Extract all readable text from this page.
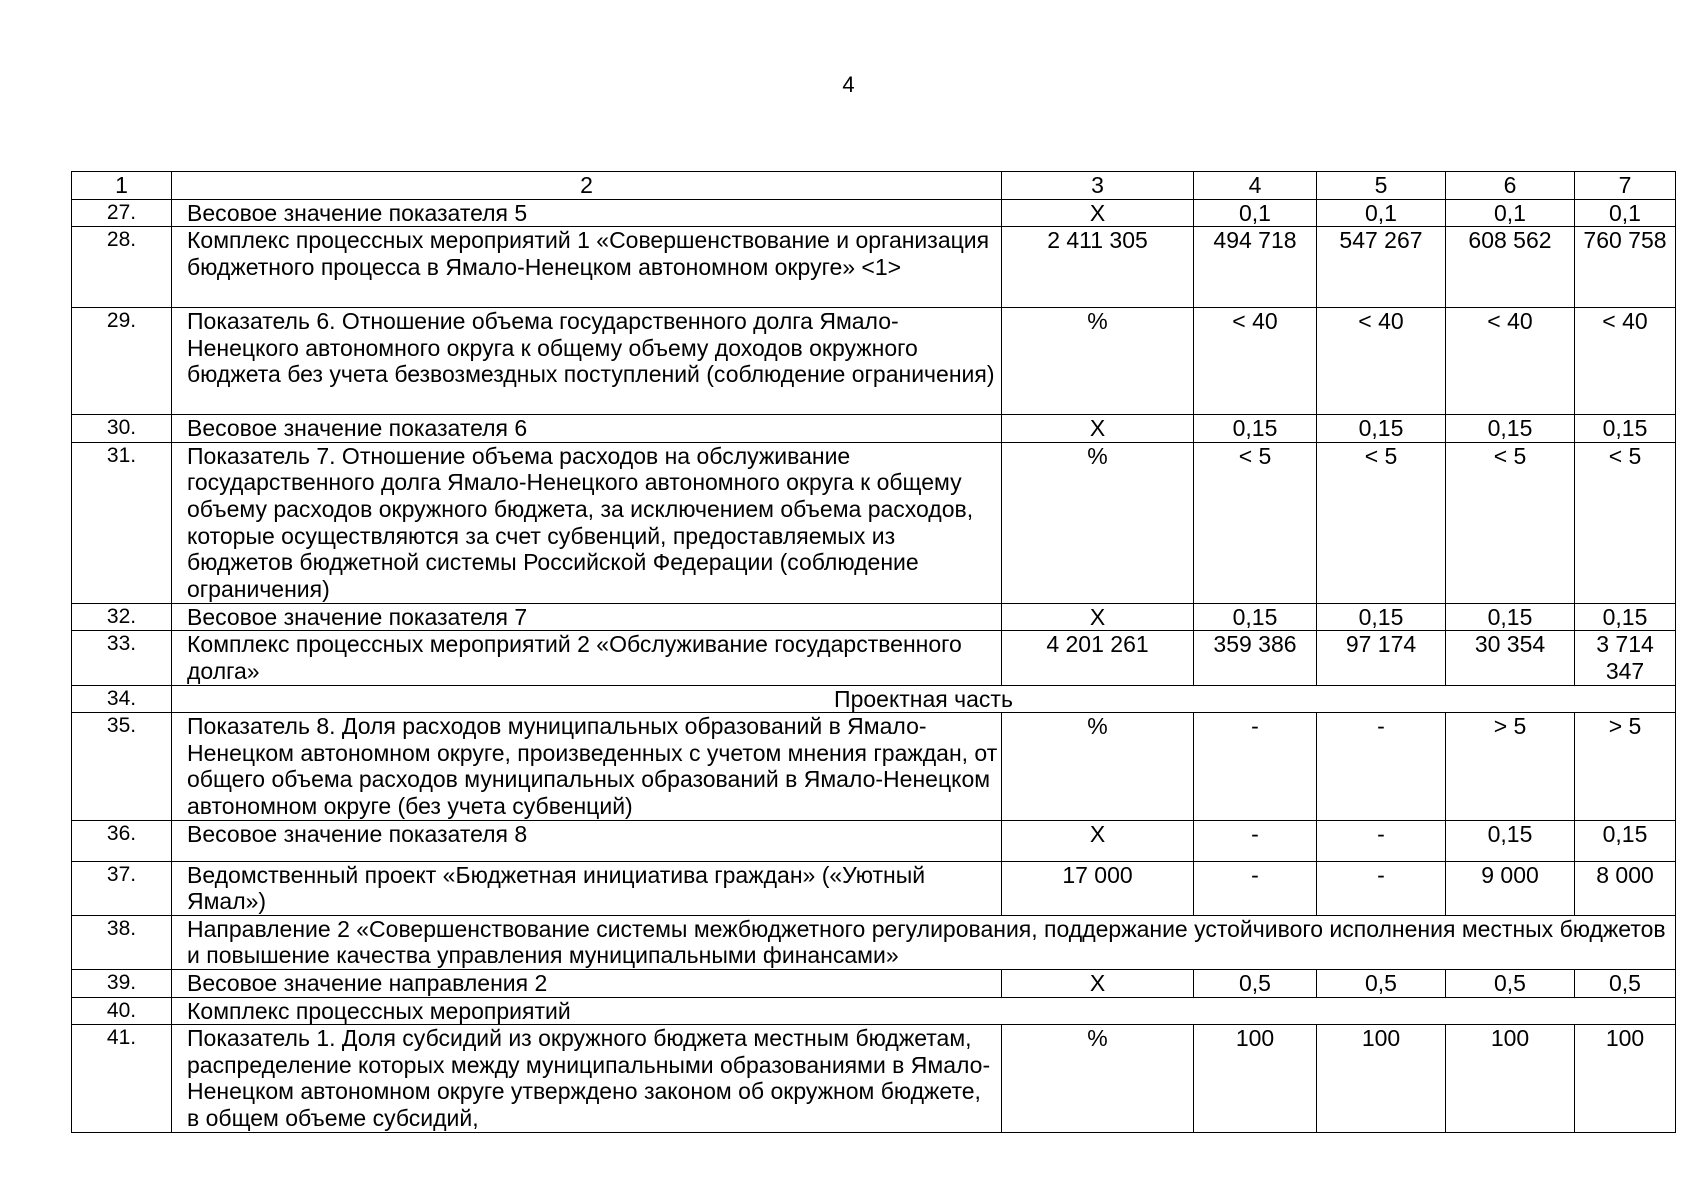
4
1	2	3	4	5	6	7
27.	Весовое значение показателя 5	X	0,1	0,1	0,1	0,1
28.	Комплекс процессных мероприятий 1 «Совершенствование и организация бюджетного процесса в Ямало-Ненецком автономном округе» <1>	2 411 305	494 718	547 267	608 562	760 758
29.	Показатель 6. Отношение объема государственного долга Ямало-Ненецкого автономного округа к общему объему доходов окружного бюджета без учета безвозмездных поступлений (соблюдение ограничения)	%	< 40	< 40	< 40	< 40
30.	Весовое значение показателя 6	X	0,15	0,15	0,15	0,15
31.	Показатель 7. Отношение объема расходов на обслуживание государственного долга Ямало-Ненецкого автономного округа к общему объему расходов окружного бюджета, за исключением объема расходов, которые осуществляются за счет субвенций, предоставляемых из бюджетов бюджетной системы Российской Федерации (соблюдение ограничения)	%	< 5	< 5	< 5	< 5
32.	Весовое значение показателя 7	X	0,15	0,15	0,15	0,15
33.	Комплекс процессных мероприятий 2 «Обслуживание государственного долга»	4 201 261	359 386	97 174	30 354	3 714 347
34.	Проектная часть					
35.	Показатель 8. Доля расходов муниципальных образований в Ямало-Ненецком автономном округе, произведенных с учетом мнения граждан, от общего объема расходов муниципальных образований в Ямало-Ненецком автономном округе (без учета субвенций)	%	-	-	> 5	> 5
36.	Весовое значение показателя 8	X	-	-	0,15	0,15
37.	Ведомственный проект «Бюджетная инициатива граждан» («Уютный Ямал»)	17 000	-	-	9 000	8 000
38.	Направление 2 «Совершенствование системы межбюджетного регулирования, поддержание устойчивого исполнения местных бюджетов и повышение качества управления муниципальными финансами»					
39.	Весовое значение направления 2	X	0,5	0,5	0,5	0,5
40.	Комплекс процессных мероприятий					
41.	Показатель 1. Доля субсидий из окружного бюджета местным бюджетам, распределение которых между муниципальными образованиями в Ямало-Ненецком автономном округе утверждено законом об окружном бюджете, в общем объеме субсидий,	%	100	100	100	100
